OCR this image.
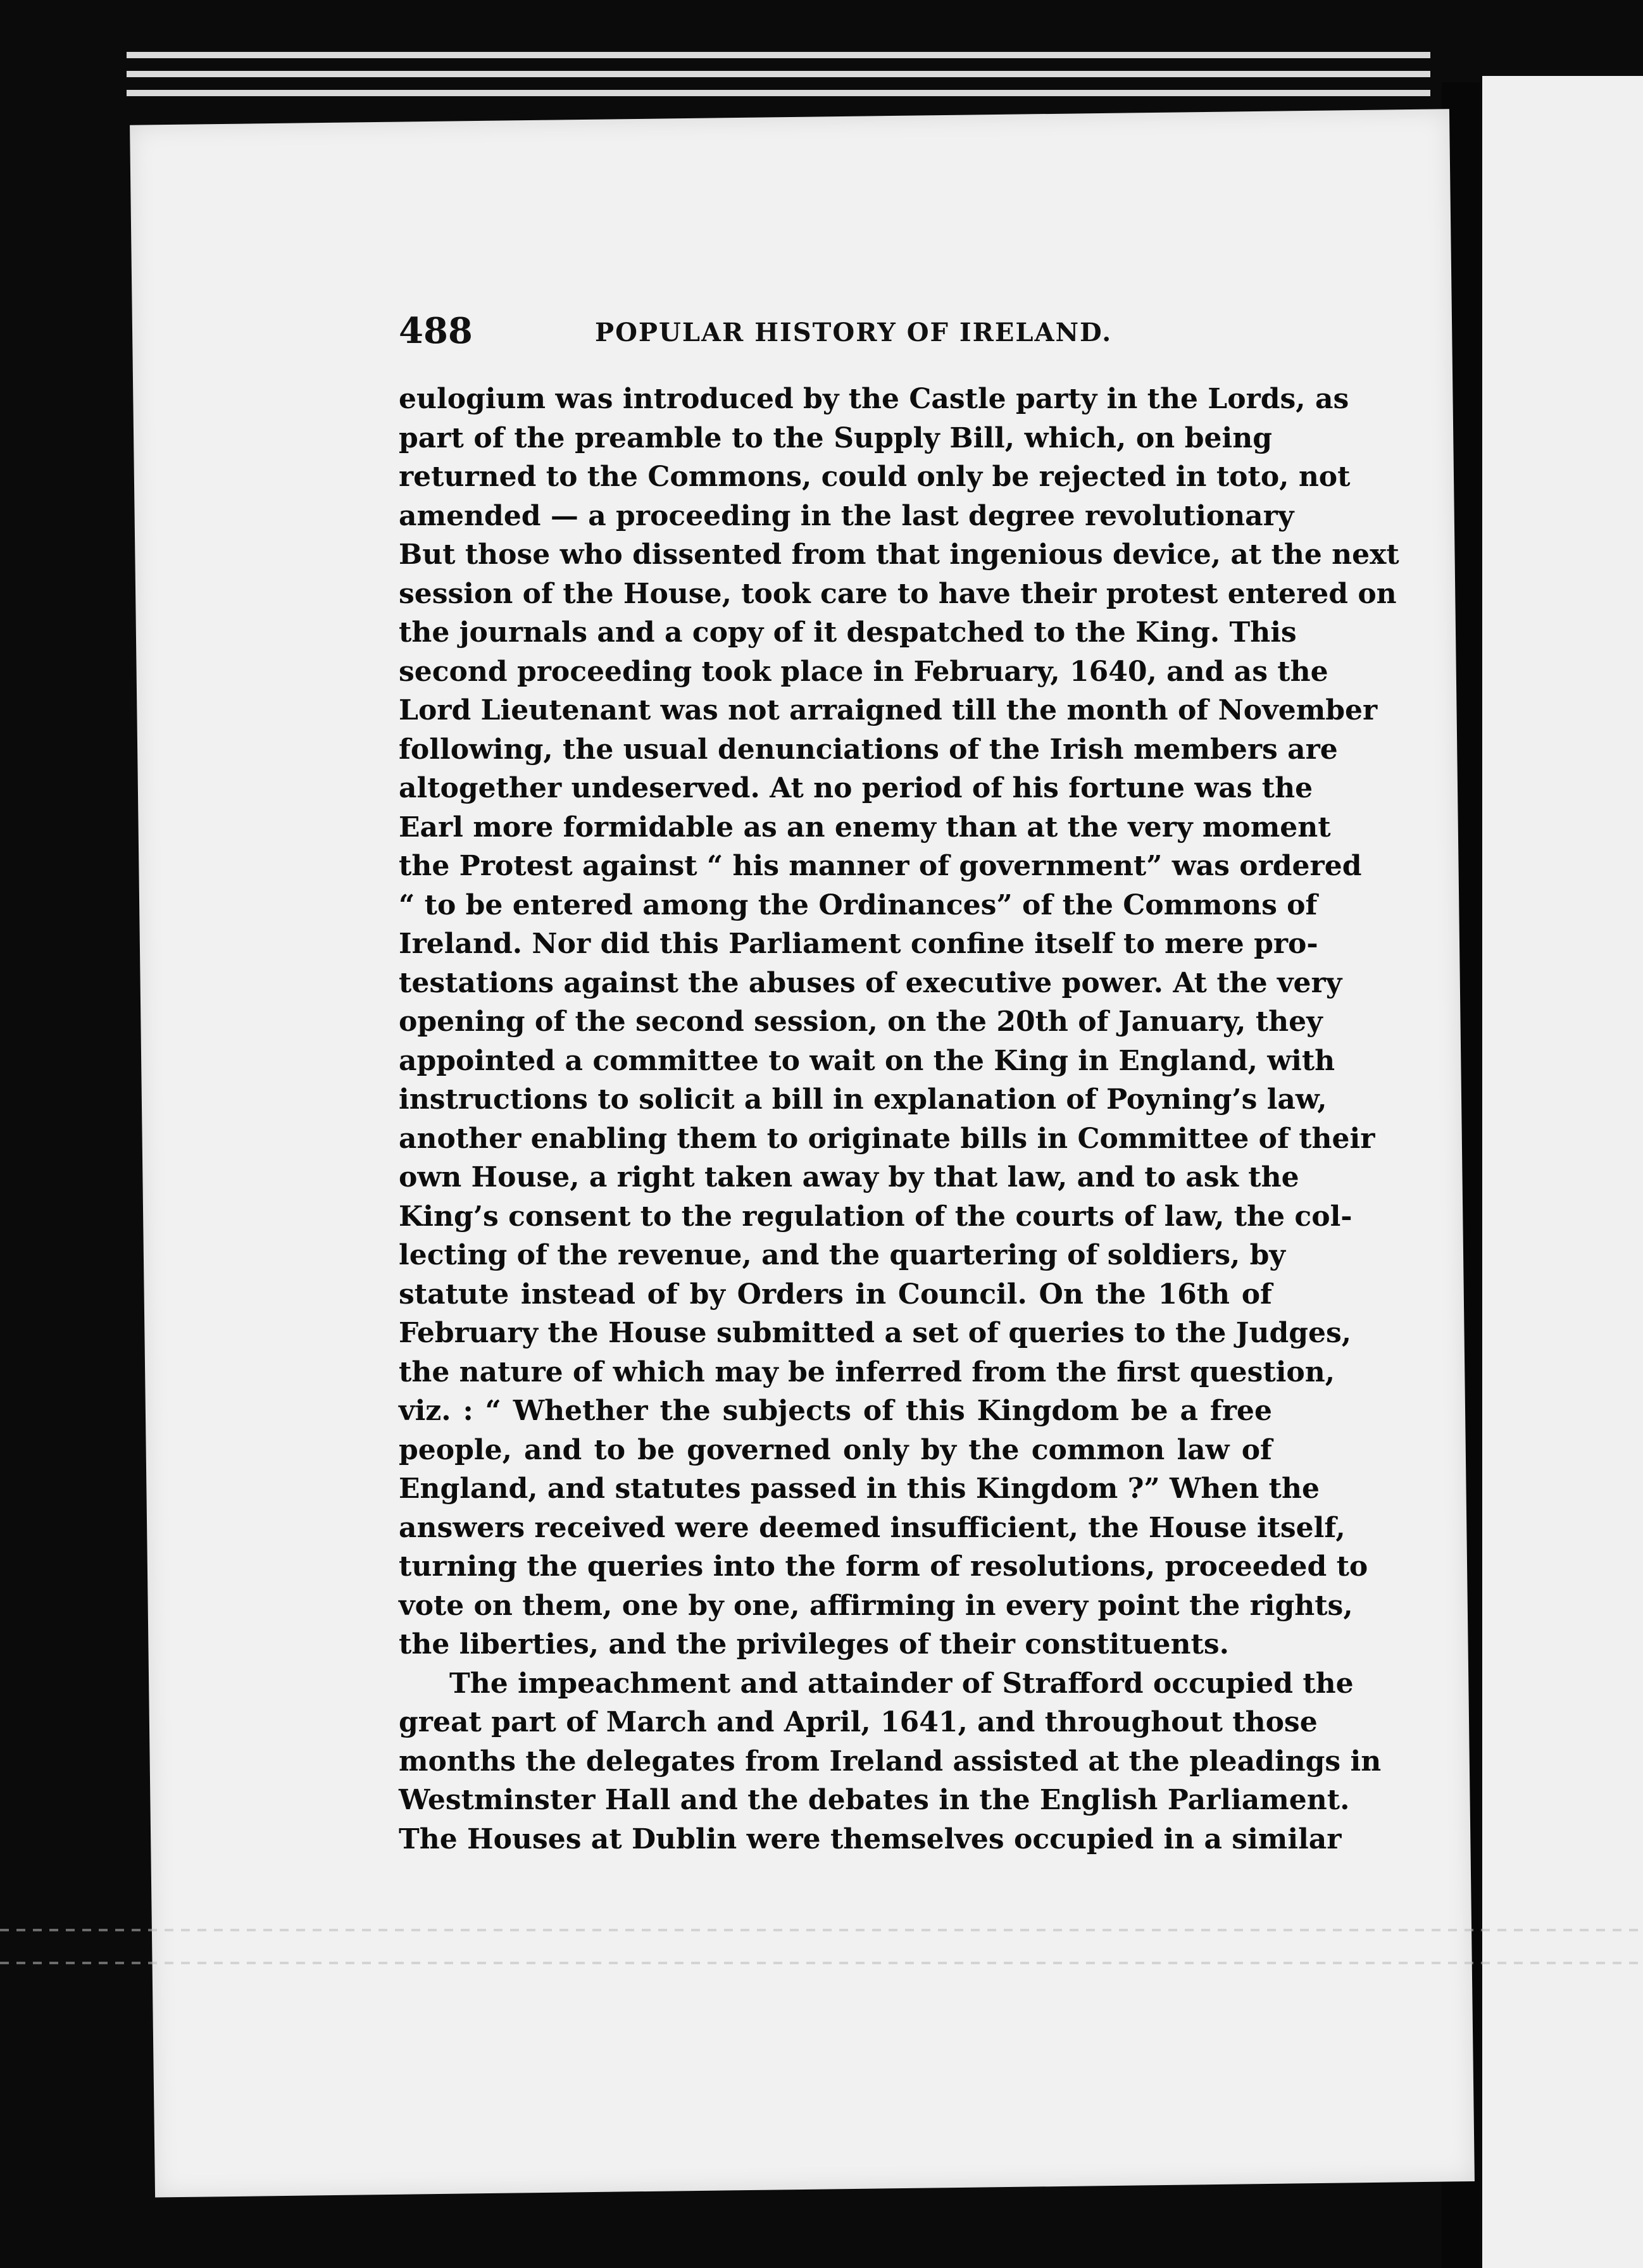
488	POPULAR HISTORY OF IRELAND.
eulogium was introduced by the Castle party in the Lords, as
part of the preamble to the Supply Bill, which, on being
returned to the Commons, could only be rejected in toto, not
amended — a proceeding in the last degree revolutionary
But those who dissented from that ingenious device, at the next
session of the House, took care to have their protest entered on
the journals and a copy of it despatched to the King. This
second proceeding took place in February, 1640, and as the
Lord Lieutenant was not arraigned till the month of November
following, the usual denunciations of the Irish members are
altogether undeserved. At no period of his fortune was the
Earl more formidable as an enemy than at the very moment
the Protest against “ his manner of government” was ordered
“ to be entered among the Ordinances” of the Commons of
Ireland. Nor did this Parliament confine itself to mere pro-
testations against the abuses of executive power. At the very
opening of the second session, on the 20th of January, they
appointed a committee to wait on the King in England, with
instructions to solicit a bill in explanation of Poyning’s law,
another enabling them to originate bills in Committee of their
own House, a right taken away by that law, and to ask the
King’s consent to the regulation of the courts of law, the col-
lecting of the revenue, and the quartering of soldiers, by
statute instead of by Orders in Council. On the 16th of
February the House submitted a set of queries to the Judges,
the nature of which may be inferred from the first question,
viz. : “ Whether the subjects of this Kingdom be a free
people, and to be governed only by the common law of
England, and statutes passed in this Kingdom ?” When the
answers received were deemed insufficient, the House itself,
turning the queries into the form of resolutions, proceeded to
vote on them, one by one, affirming in every point the rights,
the liberties, and the privileges of their constituents.
The impeachment and attainder of Strafford occupied the
great part of March and April, 1641, and throughout those
months the delegates from Ireland assisted at the pleadings in
Westminster Hall and the debates in the English Parliament.
The Houses at Dublin were themselves occupied in a similar
